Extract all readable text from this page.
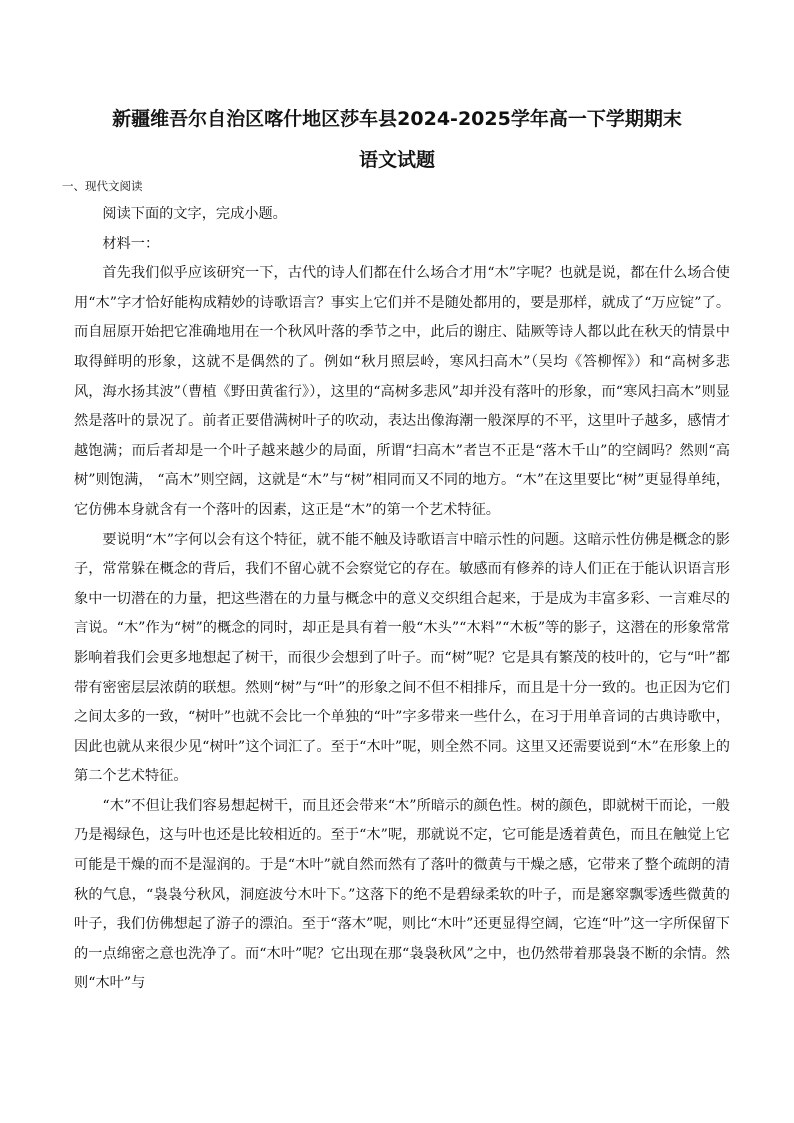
新疆维吾尔自治区喀什地区莎车县2024-2025学年高一下学期期末
语文试题
一、现代文阅读

阅读下面的文字，完成小题。

材料一：

首先我们似乎应该研究一下，古代的诗人们都在什么场合才用“木”字呢？也就是说，都在什么场合使用“木”字才恰好能构成精妙的诗歌语言？事实上它们并不是随处都用的，要是那样，就成了“万应锭”了。而自屈原开始把它准确地用在一个秋风叶落的季节之中，此后的谢庄、陆厥等诗人都以此在秋天的情景中取得鲜明的形象，这就不是偶然的了。例如“秋月照层岭，寒风扫高木”（吴均《答柳恽》）和“高树多悲风，海水扬其波”（曹植《野田黄雀行》），这里的“高树多悲风”却并没有落叶的形象，而“寒风扫高木”则显然是落叶的景况了。前者正要借满树叶子的吹动，表达出像海潮一般深厚的不平，这里叶子越多，感情才越饱满；而后者却是一个叶子越来越少的局面，所谓“扫高木”者岂不正是“落木千山”的空阔吗？然则“高树”则饱满， “高木”则空阔，这就是“木”与“树”相同而又不同的地方。“木”在这里要比“树”更显得单纯，它仿佛本身就含有一个落叶的因素，这正是“木”的第一个艺术特征。

要说明“木”字何以会有这个特征，就不能不触及诗歌语言中暗示性的问题。这暗示性仿佛是概念的影子，常常躲在概念的背后，我们不留心就不会察觉它的存在。敏感而有修养的诗人们正在于能认识语言形象中一切潜在的力量，把这些潜在的力量与概念中的意义交织组合起来，于是成为丰富多彩、一言难尽的言说。“木”作为“树”的概念的同时，却正是具有着一般“木头”“木料”“木板”等的影子，这潜在的形象常常影响着我们会更多地想起了树干，而很少会想到了叶子。而“树”呢？它是具有繁茂的枝叶的，它与“叶”都带有密密层层浓荫的联想。然则“树”与“叶”的形象之间不但不相排斥，而且是十分一致的。也正因为它们之间太多的一致，“树叶”也就不会比一个单独的“叶”字多带来一些什么，在习于用单音词的古典诗歌中，因此也就从来很少见“树叶”这个词汇了。至于“木叶”呢，则全然不同。这里又还需要说到“木”在形象上的第二个艺术特征。

“木”不但让我们容易想起树干，而且还会带来“木”所暗示的颜色性。树的颜色，即就树干而论，一般乃是褐绿色，这与叶也还是比较相近的。至于“木”呢，那就说不定，它可能是透着黄色，而且在触觉上它可能是干燥的而不是湿润的。于是“木叶”就自然而然有了落叶的微黄与干燥之感，它带来了整个疏朗的清秋的气息，“袅袅兮秋风，洞庭波兮木叶下。”这落下的绝不是碧绿柔软的叶子，而是窸窣飘零透些微黄的叶子，我们仿佛想起了游子的漂泊。至于“落木”呢，则比“木叶”还更显得空阔，它连“叶”这一字所保留下的一点绵密之意也洗净了。而“木叶”呢？它出现在那“袅袅秋风”之中，也仍然带着那袅袅不断的余情。然则“木叶”与
